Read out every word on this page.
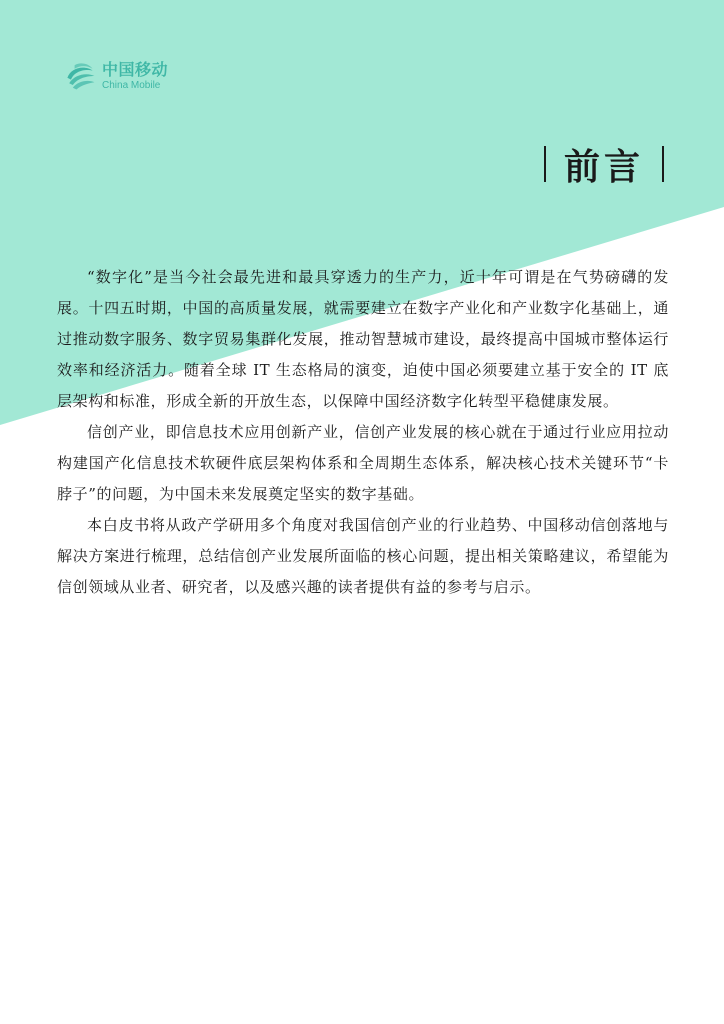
中国移动
China Mobile
前言

“数字化”是当今社会最先进和最具穿透力的生产力，近十年可谓是在气势磅礴的发展。十四五时期，中国的高质量发展，就需要建立在数字产业化和产业数字化基础上，通过推动数字服务、数字贸易集群化发展，推动智慧城市建设，最终提高中国城市整体运行效率和经济活力。随着全球 IT 生态格局的演变，迫使中国必须要建立基于安全的 IT 底层架构和标准，形成全新的开放生态，以保障中国经济数字化转型平稳健康发展。

信创产业，即信息技术应用创新产业，信创产业发展的核心就在于通过行业应用拉动构建国产化信息技术软硬件底层架构体系和全周期生态体系，解决核心技术关键环节“卡脖子”的问题，为中国未来发展奠定坚实的数字基础。

本白皮书将从政产学研用多个角度对我国信创产业的行业趋势、中国移动信创落地与解决方案进行梳理，总结信创产业发展所面临的核心问题，提出相关策略建议，希望能为信创领域从业者、研究者，以及感兴趣的读者提供有益的参考与启示。
